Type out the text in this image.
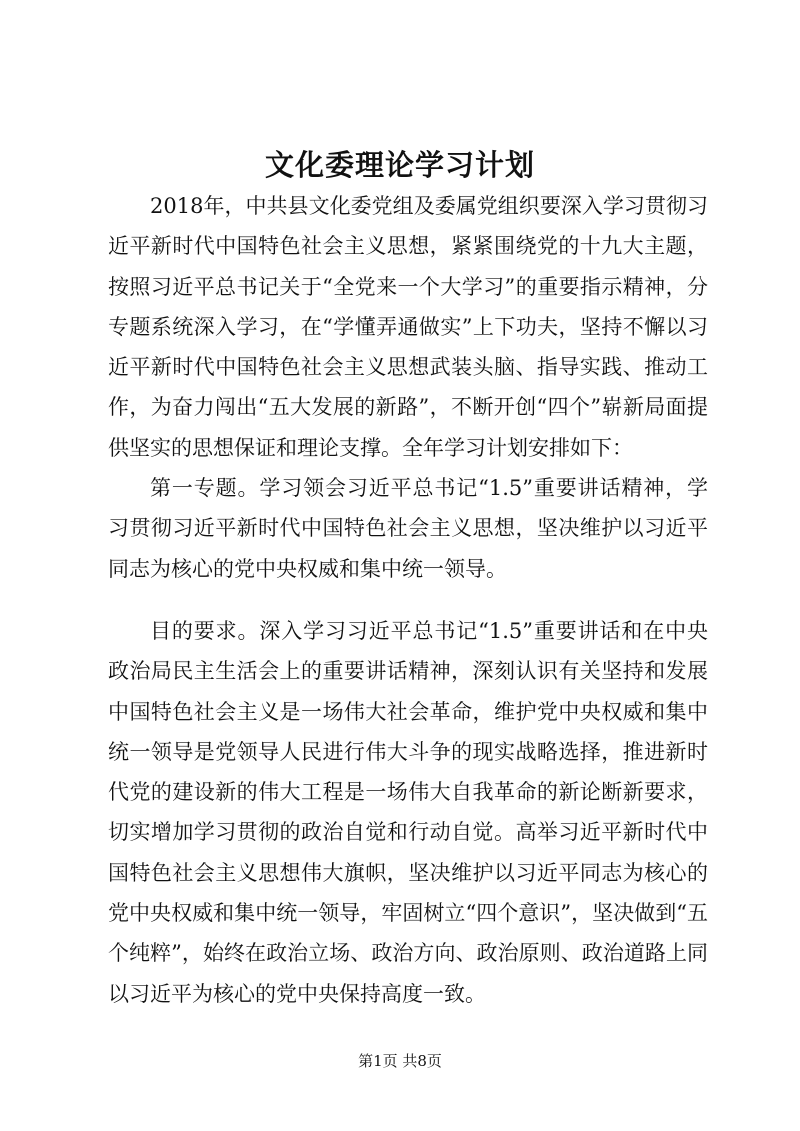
文化委理论学习计划

2018年，中共县文化委党组及委属党组织要深入学习贯彻习近平新时代中国特色社会主义思想，紧紧围绕党的十九大主题，按照习近平总书记关于“全党来一个大学习”的重要指示精神，分专题系统深入学习，在“学懂弄通做实”上下功夫，坚持不懈以习近平新时代中国特色社会主义思想武装头脑、指导实践、推动工作，为奋力闯出“五大发展的新路”，不断开创“四个”崭新局面提供坚实的思想保证和理论支撑。全年学习计划安排如下：

第一专题。学习领会习近平总书记“1.5”重要讲话精神，学习贯彻习近平新时代中国特色社会主义思想，坚决维护以习近平同志为核心的党中央权威和集中统一领导。

目的要求。深入学习习近平总书记“1.5”重要讲话和在中央政治局民主生活会上的重要讲话精神，深刻认识有关坚持和发展中国特色社会主义是一场伟大社会革命，维护党中央权威和集中统一领导是党领导人民进行伟大斗争的现实战略选择，推进新时代党的建设新的伟大工程是一场伟大自我革命的新论断新要求，切实增加学习贯彻的政治自觉和行动自觉。高举习近平新时代中国特色社会主义思想伟大旗帜，坚决维护以习近平同志为核心的党中央权威和集中统一领导，牢固树立“四个意识”，坚决做到“五个纯粹”，始终在政治立场、政治方向、政治原则、政治道路上同以习近平为核心的党中央保持高度一致。

第1页 共8页
